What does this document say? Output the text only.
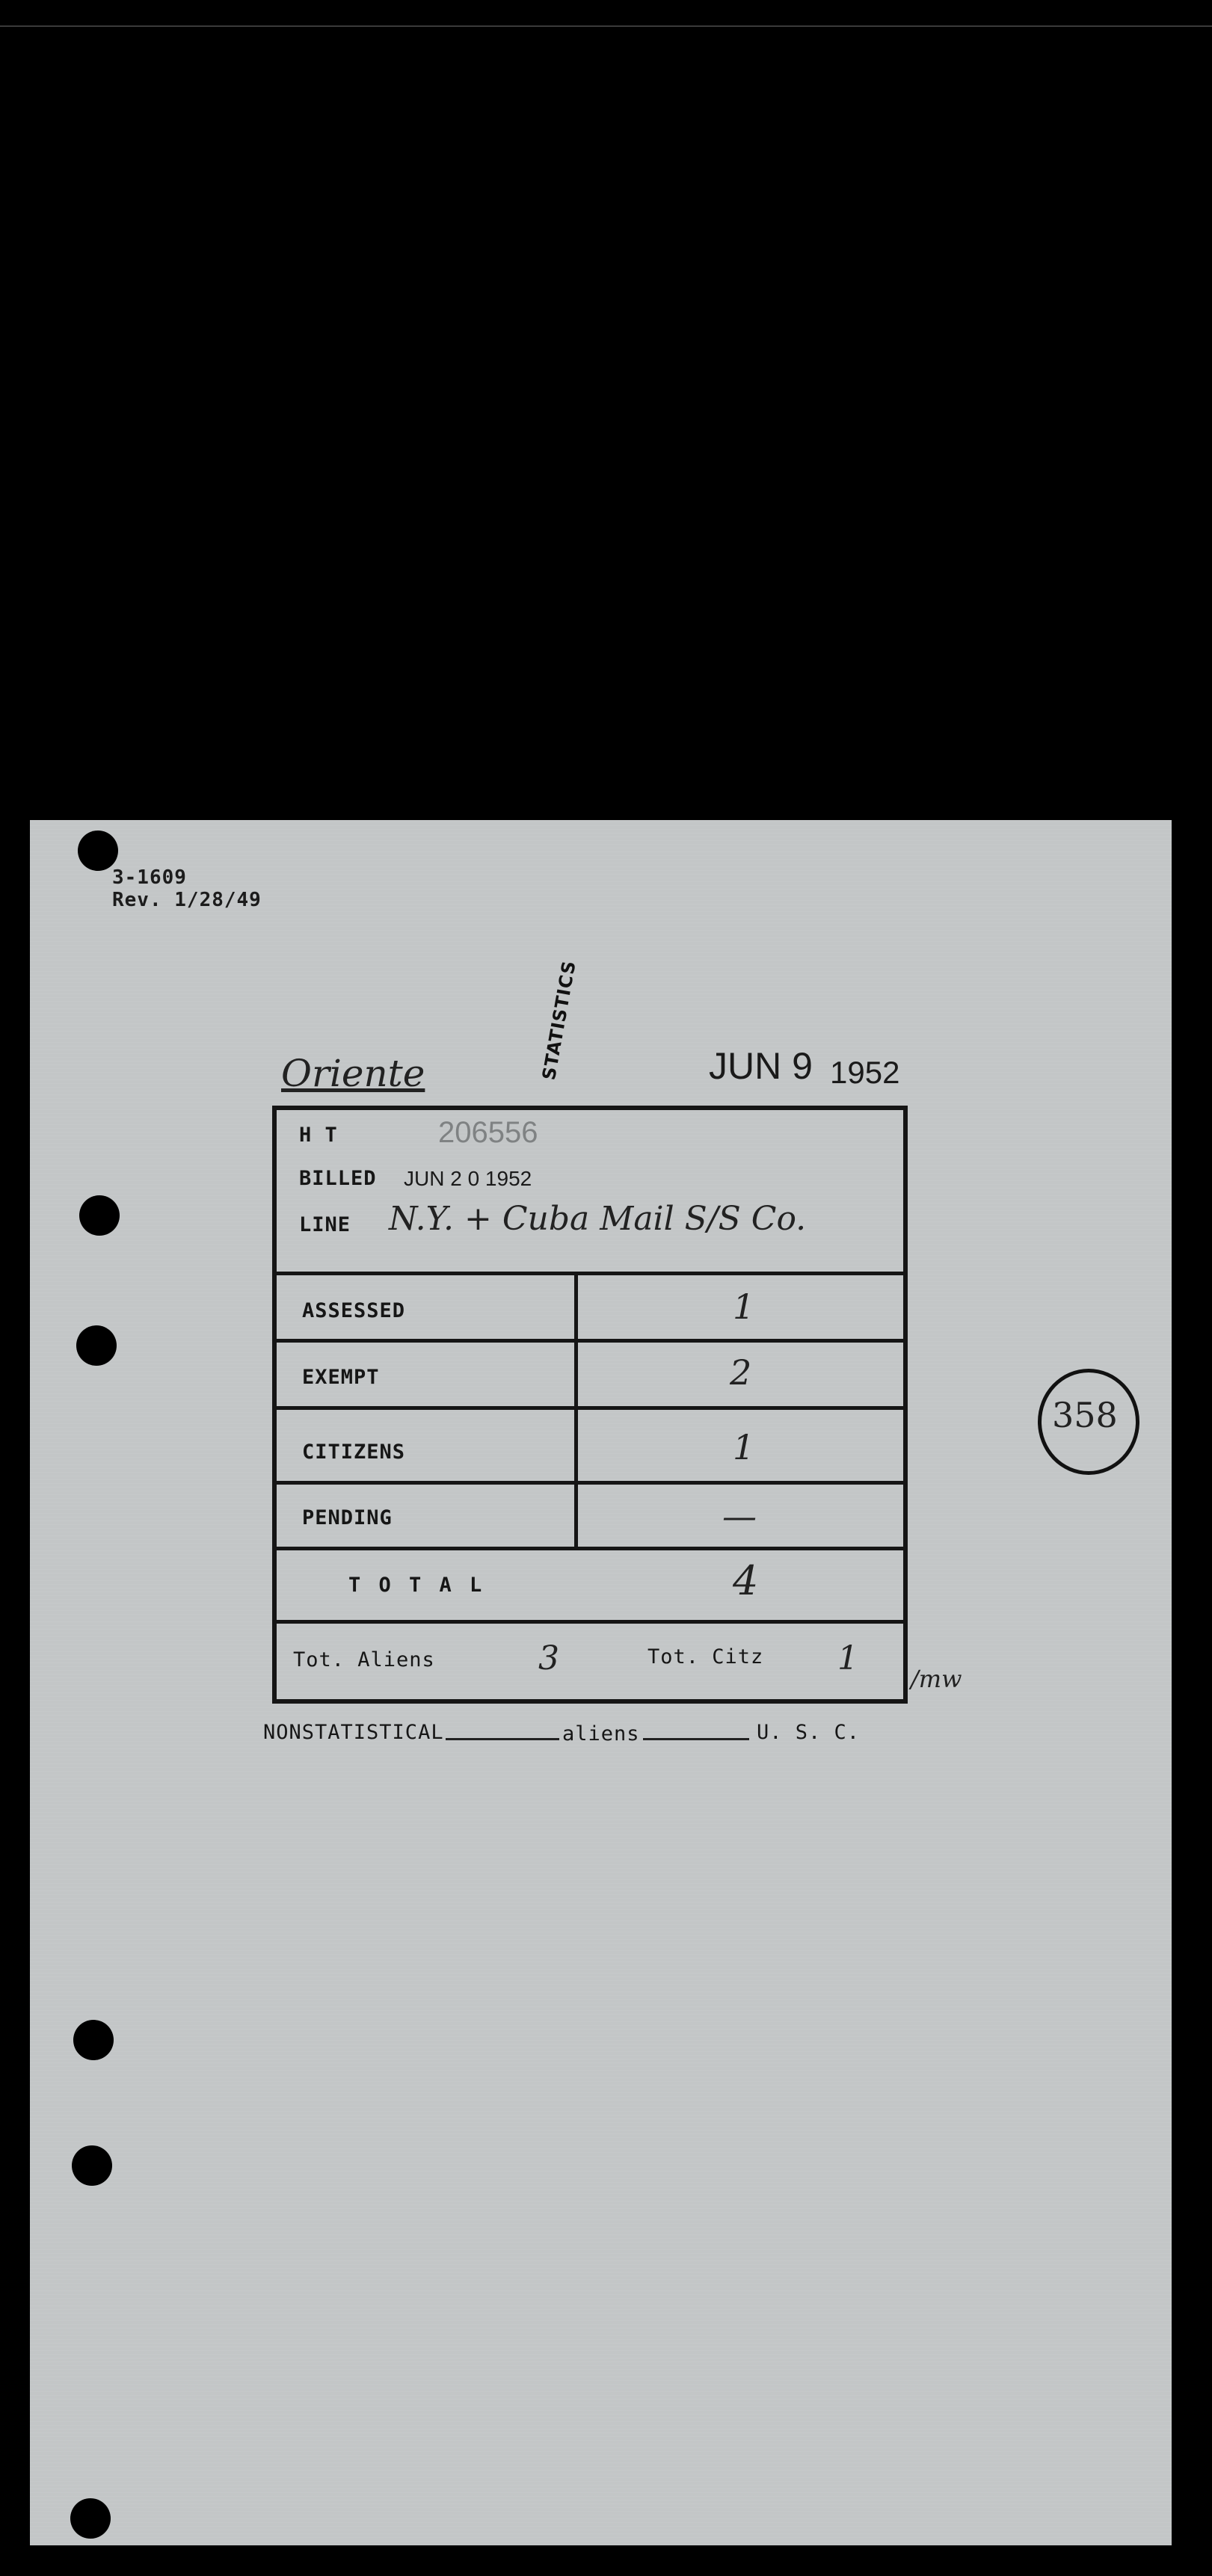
3-1609
Rev. 1/28/49
STATISTICS
Oriente	JUN 9 1952
H T	206556
BILLED JUN 2 0 1952
LINE N.Y. + Cuba Mail S/S Co.
ASSESSED	1
EXEMPT	2
CITIZENS	1
PENDING	—
T O T A L	4
Tot. Aliens	3	Tot. Citz 1
/mw
358
NONSTATISTICAL	aliens	U. S. C.
